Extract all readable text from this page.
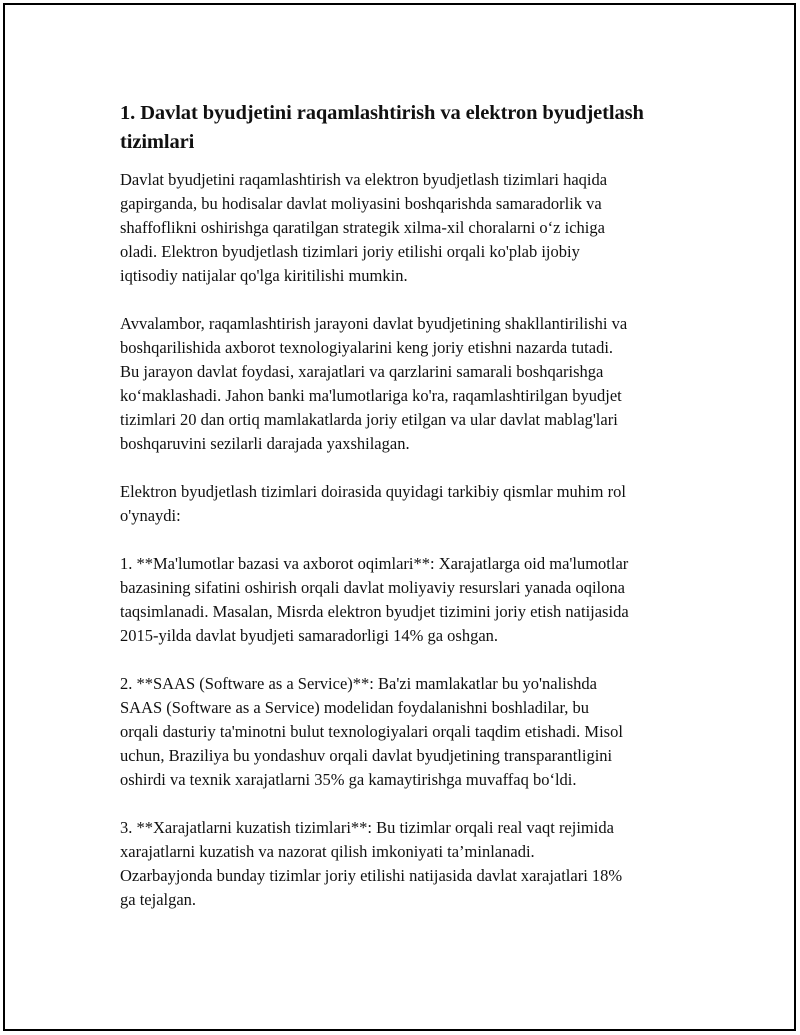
1. Davlat byudjetini raqamlashtirish va elektron byudjetlash
tizimlari

Davlat byudjetini raqamlashtirish va elektron byudjetlash tizimlari haqida
gapirganda, bu hodisalar davlat moliyasini boshqarishda samaradorlik va
shaffoflikni oshirishga qaratilgan strategik xilma-xil choralarni o‘z ichiga
oladi. Elektron byudjetlash tizimlari joriy etilishi orqali ko'plab ijobiy
iqtisodiy natijalar qo'lga kiritilishi mumkin.

Avvalambor, raqamlashtirish jarayoni davlat byudjetining shakllantirilishi va
boshqarilishida axborot texnologiyalarini keng joriy etishni nazarda tutadi.
Bu jarayon davlat foydasi, xarajatlari va qarzlarini samarali boshqarishga
ko‘maklashadi. Jahon banki ma'lumotlariga ko'ra, raqamlashtirilgan byudjet
tizimlari 20 dan ortiq mamlakatlarda joriy etilgan va ular davlat mablag'lari
boshqaruvini sezilarli darajada yaxshilagan.

Elektron byudjetlash tizimlari doirasida quyidagi tarkibiy qismlar muhim rol
o'ynaydi:

1. **Ma'lumotlar bazasi va axborot oqimlari**: Xarajatlarga oid ma'lumotlar
bazasining sifatini oshirish orqali davlat moliyaviy resurslari yanada oqilona
taqsimlanadi. Masalan, Misrda elektron byudjet tizimini joriy etish natijasida
2015-yilda davlat byudjeti samaradorligi 14% ga oshgan.

2. **SAAS (Software as a Service)**: Ba'zi mamlakatlar bu yo'nalishda
SAAS (Software as a Service) modelidan foydalanishni boshladilar, bu
orqali dasturiy ta'minotni bulut texnologiyalari orqali taqdim etishadi. Misol
uchun, Braziliya bu yondashuv orqali davlat byudjetining transparantligini
oshirdi va texnik xarajatlarni 35% ga kamaytirishga muvaffaq bo‘ldi.

3. **Xarajatlarni kuzatish tizimlari**: Bu tizimlar orqali real vaqt rejimida
xarajatlarni kuzatish va nazorat qilish imkoniyati ta’minlanadi.
Ozarbayjonda bunday tizimlar joriy etilishi natijasida davlat xarajatlari 18%
ga tejalgan.
